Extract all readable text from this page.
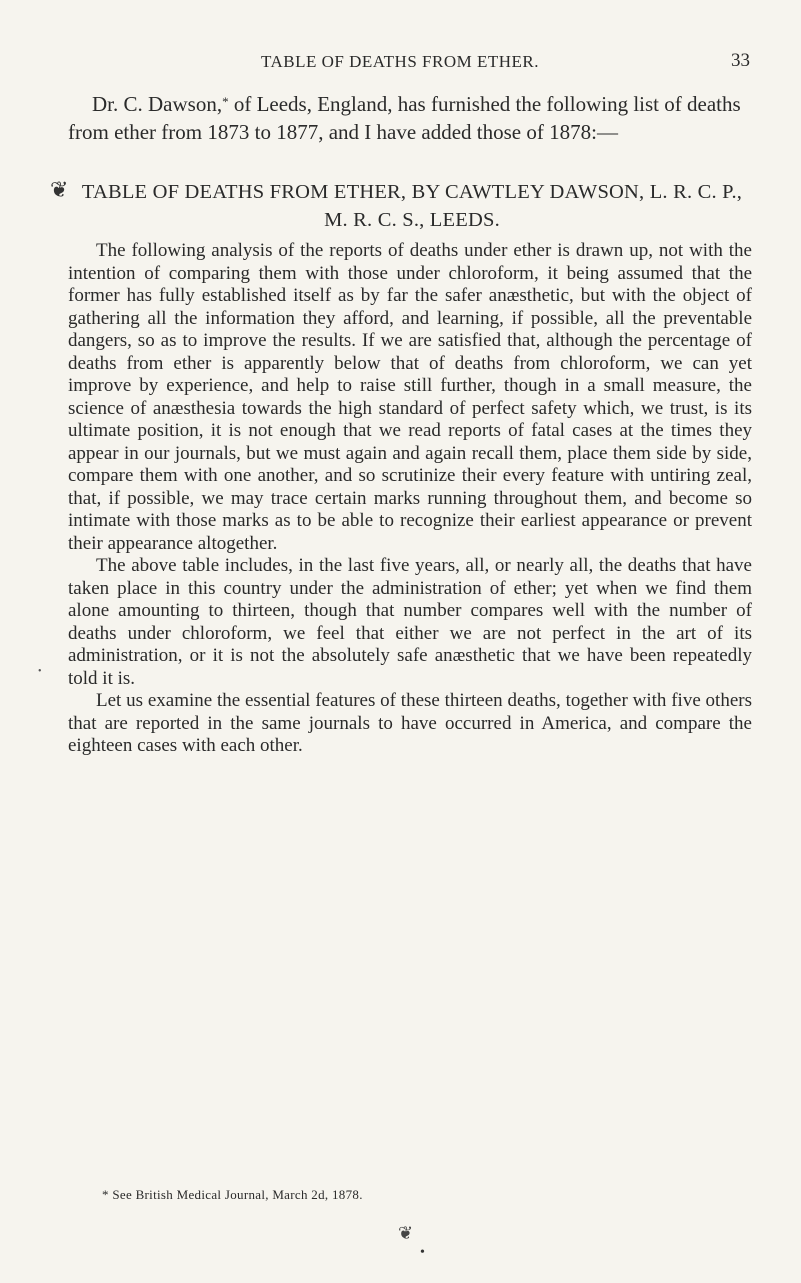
TABLE OF DEATHS FROM ETHER.	33

Dr. C. Dawson,* of Leeds, England, has furnished the following list of deaths from ether from 1873 to 1877, and I have added those of 1878:—

❦ TABLE OF DEATHS FROM ETHER, BY CAWTLEY DAWSON, L. R. C. P., M. R. C. S., LEEDS.

•

The following analysis of the reports of deaths under ether is drawn up, not with the intention of comparing them with those under chloroform, it being assumed that the former has fully established itself as by far the safer anæsthetic, but with the object of gathering all the information they afford, and learning, if possible, all the preventable dangers, so as to improve the results. If we are satisfied that, although the percentage of deaths from ether is apparently below that of deaths from chloroform, we can yet improve by experience, and help to raise still further, though in a small measure, the science of anæsthesia towards the high standard of perfect safety which, we trust, is its ultimate position, it is not enough that we read reports of fatal cases at the times they appear in our journals, but we must again and again recall them, place them side by side, compare them with one another, and so scrutinize their every feature with untiring zeal, that, if possible, we may trace certain marks running throughout them, and become so intimate with those marks as to be able to recognize their earliest appearance or prevent their appearance altogether.

The above table includes, in the last five years, all, or nearly all, the deaths that have taken place in this country under the administration of ether; yet when we find them alone amounting to thirteen, though that number compares well with the number of deaths under chloroform, we feel that either we are not perfect in the art of its administration, or it is not the absolutely safe anæsthetic that we have been repeatedly told it is.

Let us examine the essential features of these thirteen deaths, together with five others that are reported in the same journals to have occurred in America, and compare the eighteen cases with each other.

* See British Medical Journal, March 2d, 1878.
❦
•
